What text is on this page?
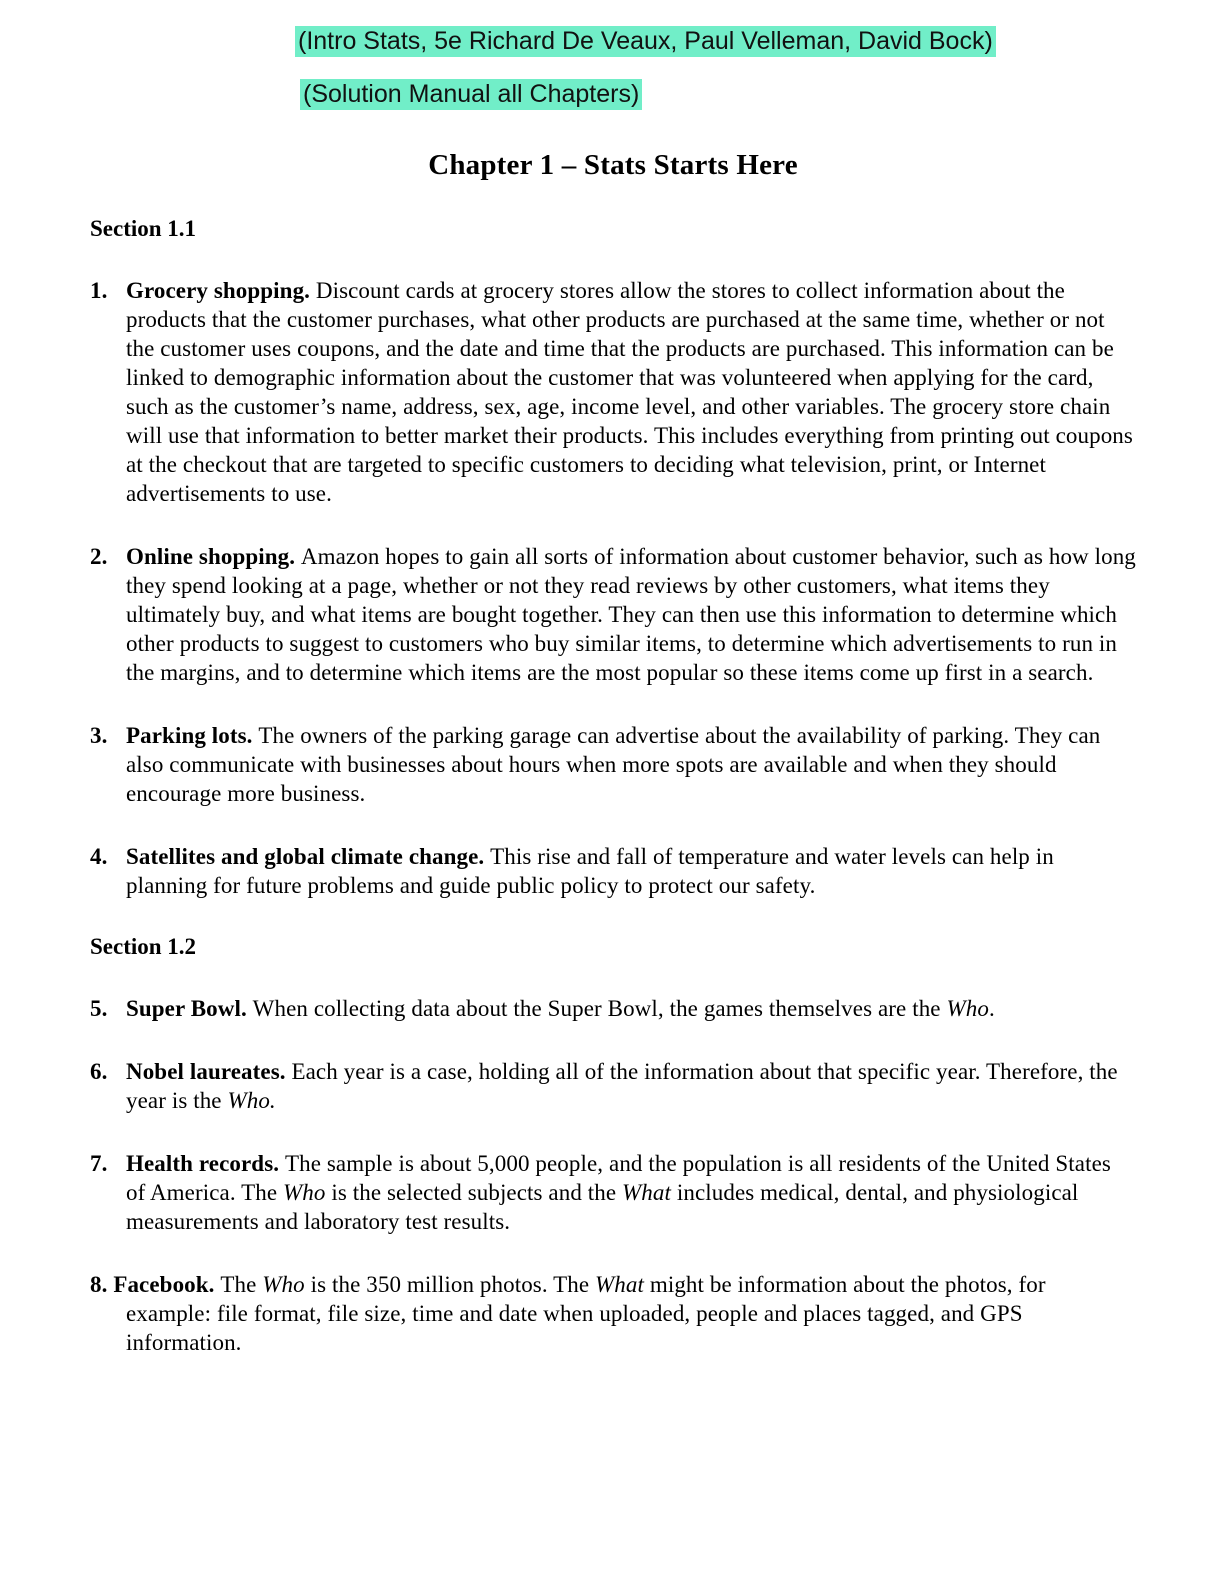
(Intro Stats, 5e Richard De Veaux, Paul Velleman, David Bock)
(Solution Manual all Chapters)
Chapter 1 – Stats Starts Here
Section 1.1

1. Grocery shopping. Discount cards at grocery stores allow the stores to collect information about the products that the customer purchases, what other products are purchased at the same time, whether or not the customer uses coupons, and the date and time that the products are purchased. This information can be linked to demographic information about the customer that was volunteered when applying for the card, such as the customer’s name, address, sex, age, income level, and other variables. The grocery store chain will use that information to better market their products. This includes everything from printing out coupons at the checkout that are targeted to specific customers to deciding what television, print, or Internet advertisements to use.

2. Online shopping. Amazon hopes to gain all sorts of information about customer behavior, such as how long they spend looking at a page, whether or not they read reviews by other customers, what items they ultimately buy, and what items are bought together. They can then use this information to determine which other products to suggest to customers who buy similar items, to determine which advertisements to run in the margins, and to determine which items are the most popular so these items come up first in a search.

3. Parking lots. The owners of the parking garage can advertise about the availability of parking. They can also communicate with businesses about hours when more spots are available and when they should encourage more business.

4. Satellites and global climate change. This rise and fall of temperature and water levels can help in planning for future problems and guide public policy to protect our safety.

Section 1.2

5. Super Bowl. When collecting data about the Super Bowl, the games themselves are the Who.

6. Nobel laureates. Each year is a case, holding all of the information about that specific year. Therefore, the year is the Who.

7. Health records. The sample is about 5,000 people, and the population is all residents of the United States of America. The Who is the selected subjects and the What includes medical, dental, and physiological measurements and laboratory test results.

8. Facebook. The Who is the 350 million photos. The What might be information about the photos, for example: file format, file size, time and date when uploaded, people and places tagged, and GPS information.
